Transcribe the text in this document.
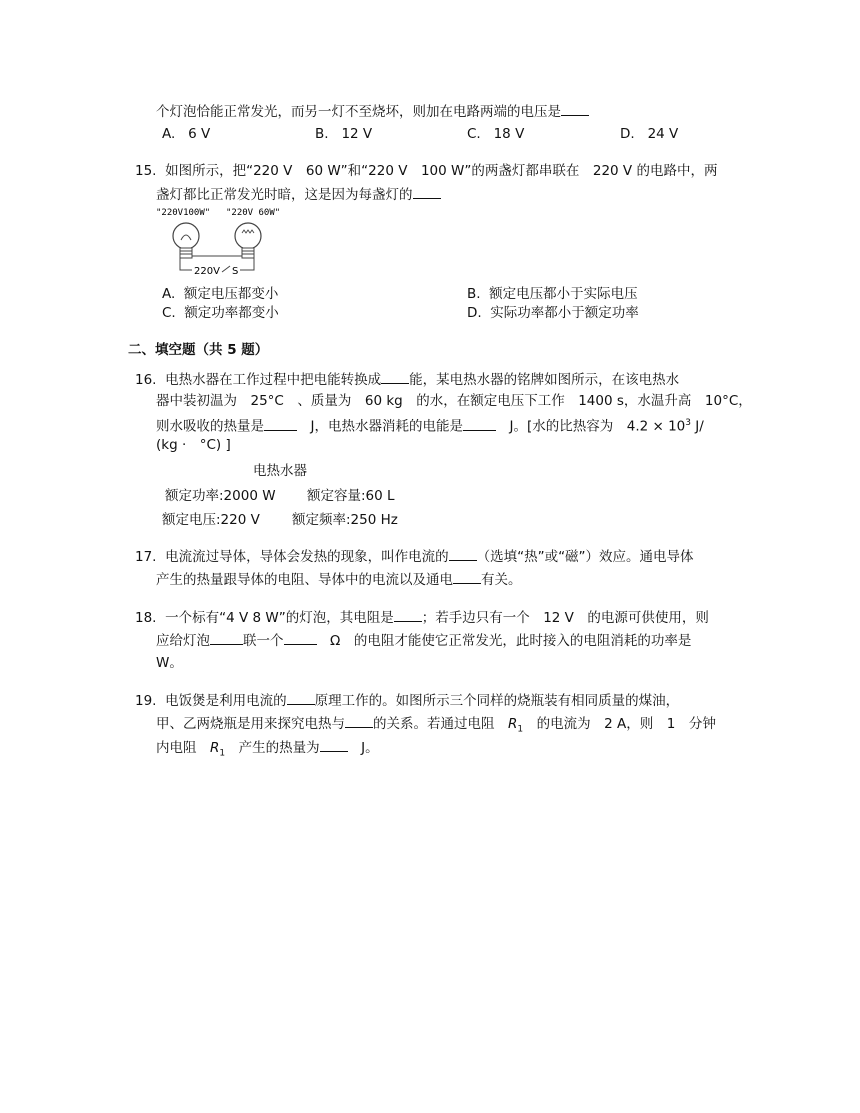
个灯泡恰能正常发光，而另一灯不至烧坏，则加在电路两端的电压是
A. 6 V	B. 12 V	C. 18 V	D. 24 V
15. 如图所示，把“220 V　60 W”和“220 V　100 W”的两盏灯都串联在　220 V 的电路中，两
盏灯都比正常发光时暗，这是因为每盏灯的
"220V100W" "220V 60W"
220V S
A. 额定电压都变小	B. 额定电压都小于实际电压
C. 额定功率都变小	D. 实际功率都小于额定功率
二、填空题（共 5 题）
16. 电热水器在工作过程中把电能转换成 能，某电热水器的铭牌如图所示，在该电热水
器中装初温为　25°C　、质量为　60 kg　的水，在额定电压下工作　1400 s，水温升高　10°C，
则水吸收的热量是　J，电热水器消耗的电能是　J。[水的比热容为　$4.2 \times 10^3$ J/
(kg ·　°C) ]
电热水器
额定功率:2000 W 额定容量:60 L
额定电压:220 V 额定频率:250 Hz
17. 电流流过导体，导体会发热的现象，叫作电流的 （选填“热”或“磁”）效应。通电导体
产生的热量跟导体的电阻、导体中的电流以及通电 有关。
18. 一个标有“4 V 8 W”的灯泡，其电阻是 ；若手边只有一个　12 V　的电源可供使用，则
应给灯泡 联一个　Ω　的电阻才能使它正常发光，此时接入的电阻消耗的功率是
W。
19. 电饭煲是利用电流的 原理工作的。如图所示三个同样的烧瓶装有相同质量的煤油，
甲、乙两烧瓶是用来探究电热与 的关系。若通过电阻　$R_1$　的电流为　2 A，则　1　分钟
内电阻　$R_1$　产生的热量为　J。
